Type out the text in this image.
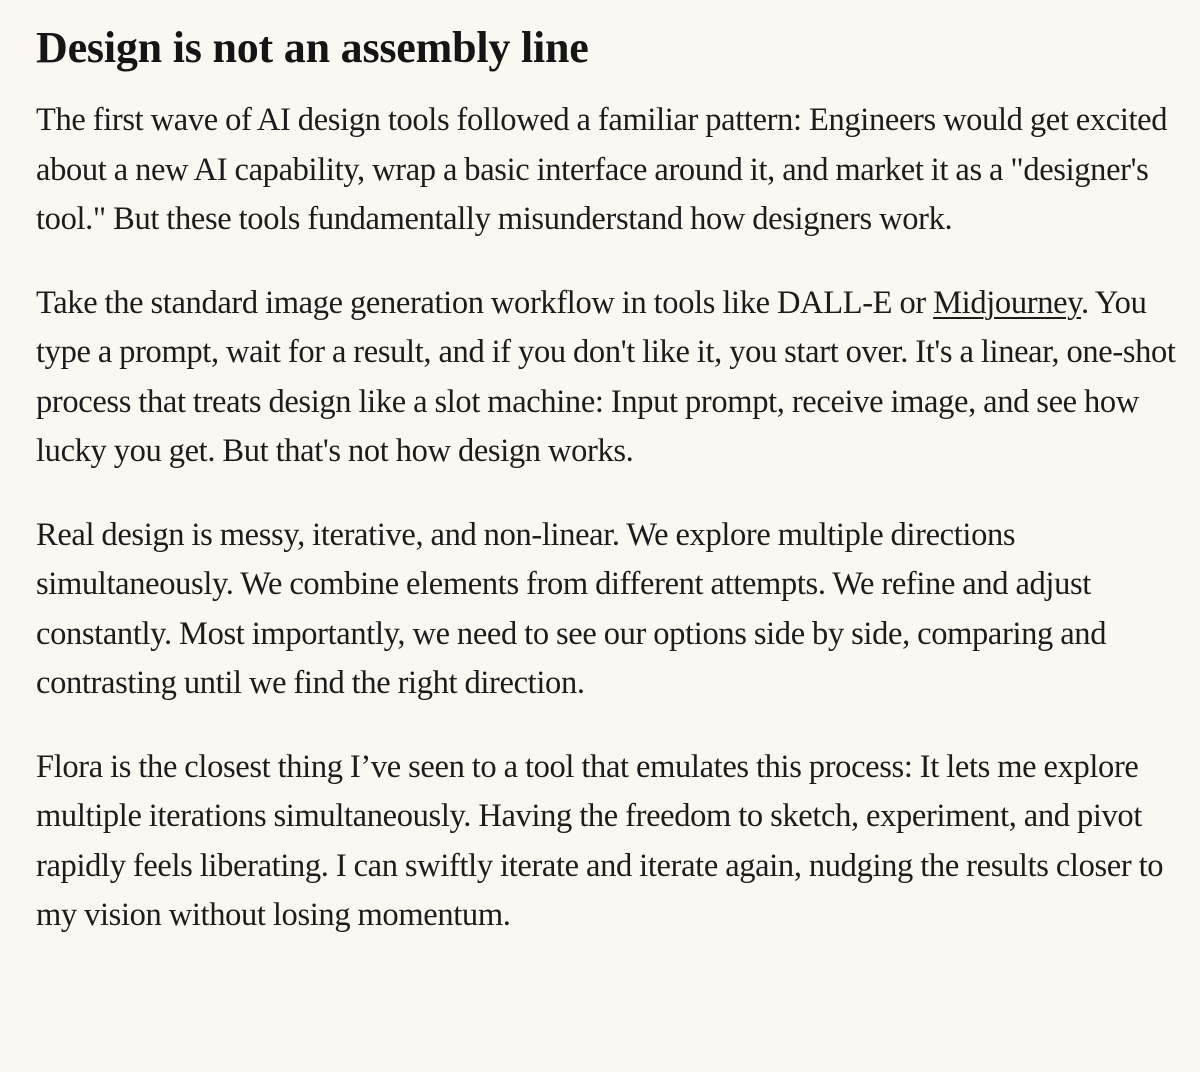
Design is not an assembly line

The first wave of AI design tools followed a familiar pattern: Engineers would get excited about a new AI capability, wrap a basic interface around it, and market it as a "designer's tool." But these tools fundamentally misunderstand how designers work.

Take the standard image generation workflow in tools like DALL-E or Midjourney. You type a prompt, wait for a result, and if you don't like it, you start over. It's a linear, one-shot process that treats design like a slot machine: Input prompt, receive image, and see how lucky you get. But that's not how design works.

Real design is messy, iterative, and non-linear. We explore multiple directions simultaneously. We combine elements from different attempts. We refine and adjust constantly. Most importantly, we need to see our options side by side, comparing and contrasting until we find the right direction.

Flora is the closest thing I’ve seen to a tool that emulates this process: It lets me explore multiple iterations simultaneously. Having the freedom to sketch, experiment, and pivot rapidly feels liberating. I can swiftly iterate and iterate again, nudging the results closer to my vision without losing momentum.
